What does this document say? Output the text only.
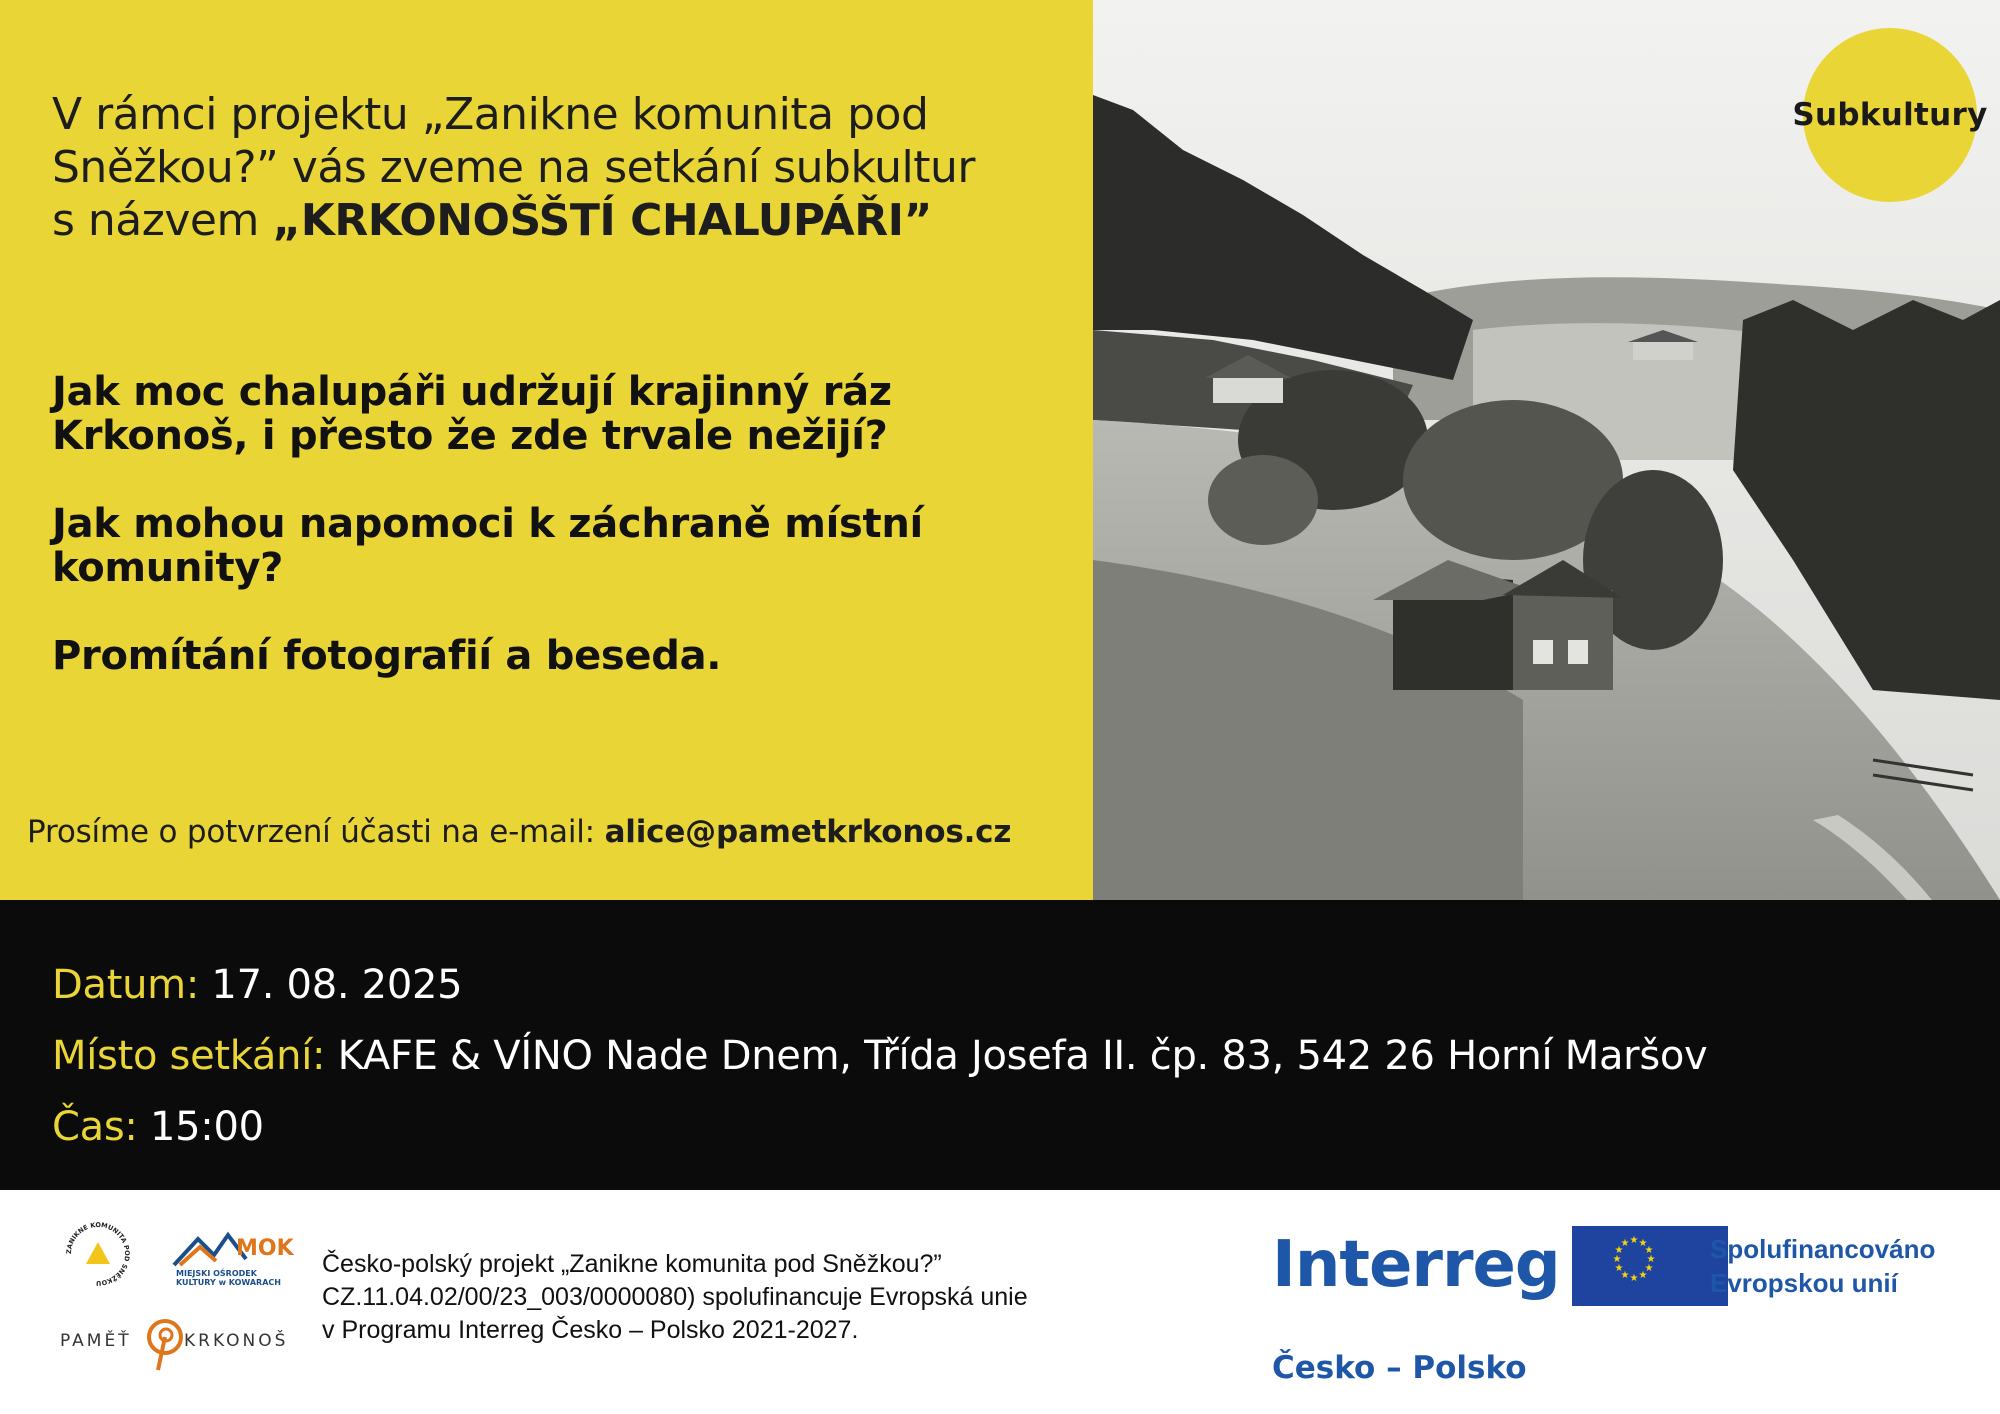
Subkultury
V rámci projektu „Zanikne komunita pod
Sněžkou?” vás zveme na setkání subkultur
s názvem „KRKONOŠŠTÍ CHALUPÁŘI”

Jak moc chalupáři udržují krajinný ráz Krkonoš, i přesto že zde trvale nežijí?

Jak mohou napomoci k záchraně místní komunity?

Promítání fotografií a beseda.

Prosíme o potvrzení účasti na e-mail: alice@pametkrkonos.cz
Datum: 17. 08. 2025
Místo setkání: KAFE & VÍNO Nade Dnem, Třída Josefa II. čp. 83, 542 26 Horní Maršov
Čas: 15:00
ZANIKNE KOMUNITA POD SNĚŽKOU
MOK
MIEJSKI OŚRODEK KULTURY w KOWARACH
PAMĚŤ	KRKONOŠ
Česko-polský projekt „Zanikne komunita pod Sněžkou?”
CZ.11.04.02/00/23_003/0000080) spolufinancuje Evropská unie
v Programu Interreg Česko – Polsko 2021-2027.
Interreg
Česko – Polsko
★ ★
★
★
★
★
★
★
★
★
★
★	Spolufinancováno
Evropskou unií
